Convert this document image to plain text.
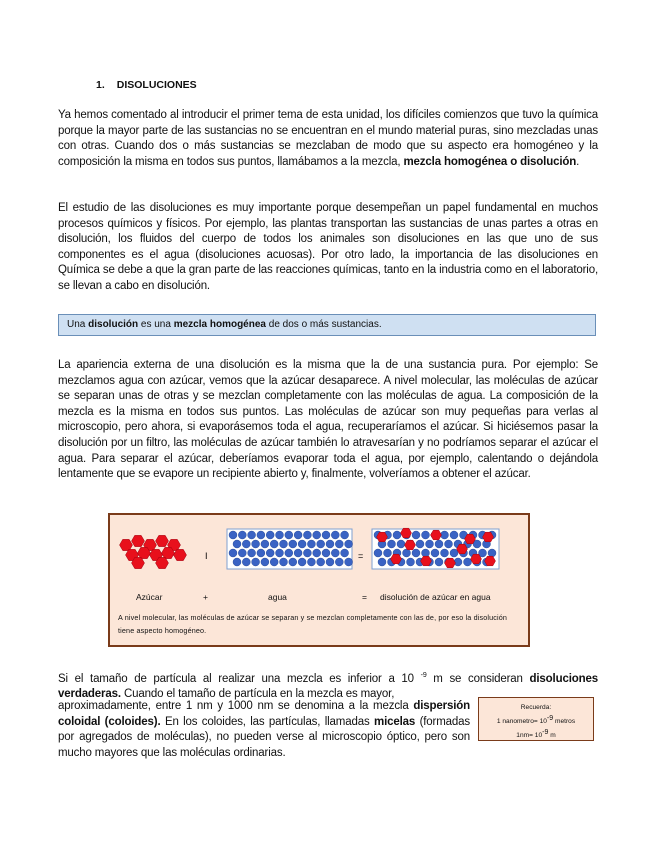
1. DISOLUCIONES

Ya hemos comentado al introducir el primer tema de esta unidad, los difíciles comienzos que tuvo la química porque la mayor parte de las sustancias no se encuentran en el mundo material puras, sino mezcladas unas con otras. Cuando dos o más sustancias se mezclaban de modo que su aspecto era homogéneo y la composición la misma en todos sus puntos, llamábamos a la mezcla, mezcla homogénea o disolución.

El estudio de las disoluciones es muy importante porque desempeñan un papel fundamental en muchos procesos químicos y físicos. Por ejemplo, las plantas transportan las sustancias de unas partes a otras en disolución, los fluidos del cuerpo de todos los animales son disoluciones en las que uno de sus componentes es el agua (disoluciones acuosas). Por otro lado, la importancia de las disoluciones en Química se debe a que la gran parte de las reacciones químicas, tanto en la industria como en el laboratorio, se llevan a cabo en disolución.

Una disolución es una mezcla homogénea de dos o más sustancias.

La apariencia externa de una disolución es la misma que la de una sustancia pura. Por ejemplo: Se mezclamos agua con azúcar, vemos que la azúcar desaparece. A nivel molecular, las moléculas de azúcar se separan unas de otras y se mezclan completamente con las moléculas de agua. La composición de la mezcla es la misma en todos sus puntos. Las moléculas de azúcar son muy pequeñas para verlas al microscopio, pero ahora, si evaporásemos toda el agua, recuperaríamos el azúcar. Si hiciésemos pasar la disolución por un filtro, las moléculas de azúcar también lo atravesarían y no podríamos separar el azúcar el agua. Para separar el azúcar, deberíamos evaporar toda el agua, por ejemplo, calentando o dejándola lentamente que se evapore un recipiente abierto y, finalmente, volveríamos a obtener el azúcar.

I	=
Azúcar	+	agua	= disolución de azúcar en agua
A nivel molecular, las moléculas de azúcar se separan y se mezclan completamente con las de, por eso la disolución tiene aspecto homogéneo.

Si el tamaño de partícula al realizar una mezcla es inferior a 10 $^{-9}$ m se consideran disoluciones verdaderas. Cuando el tamaño de partícula en la mezcla es mayor,

aproximadamente, entre 1 nm y 1000 nm se denomina a la mezcla dispersión coloidal (coloides). En los coloides, las partículas, llamadas micelas (formadas por agregados de moléculas), no pueden verse al microscopio óptico, pero son mucho mayores que las moléculas ordinarias.

Recuerda:
1 nanometro= $10^{-9}$ metros
$1nm= 10^{-9}$ m
